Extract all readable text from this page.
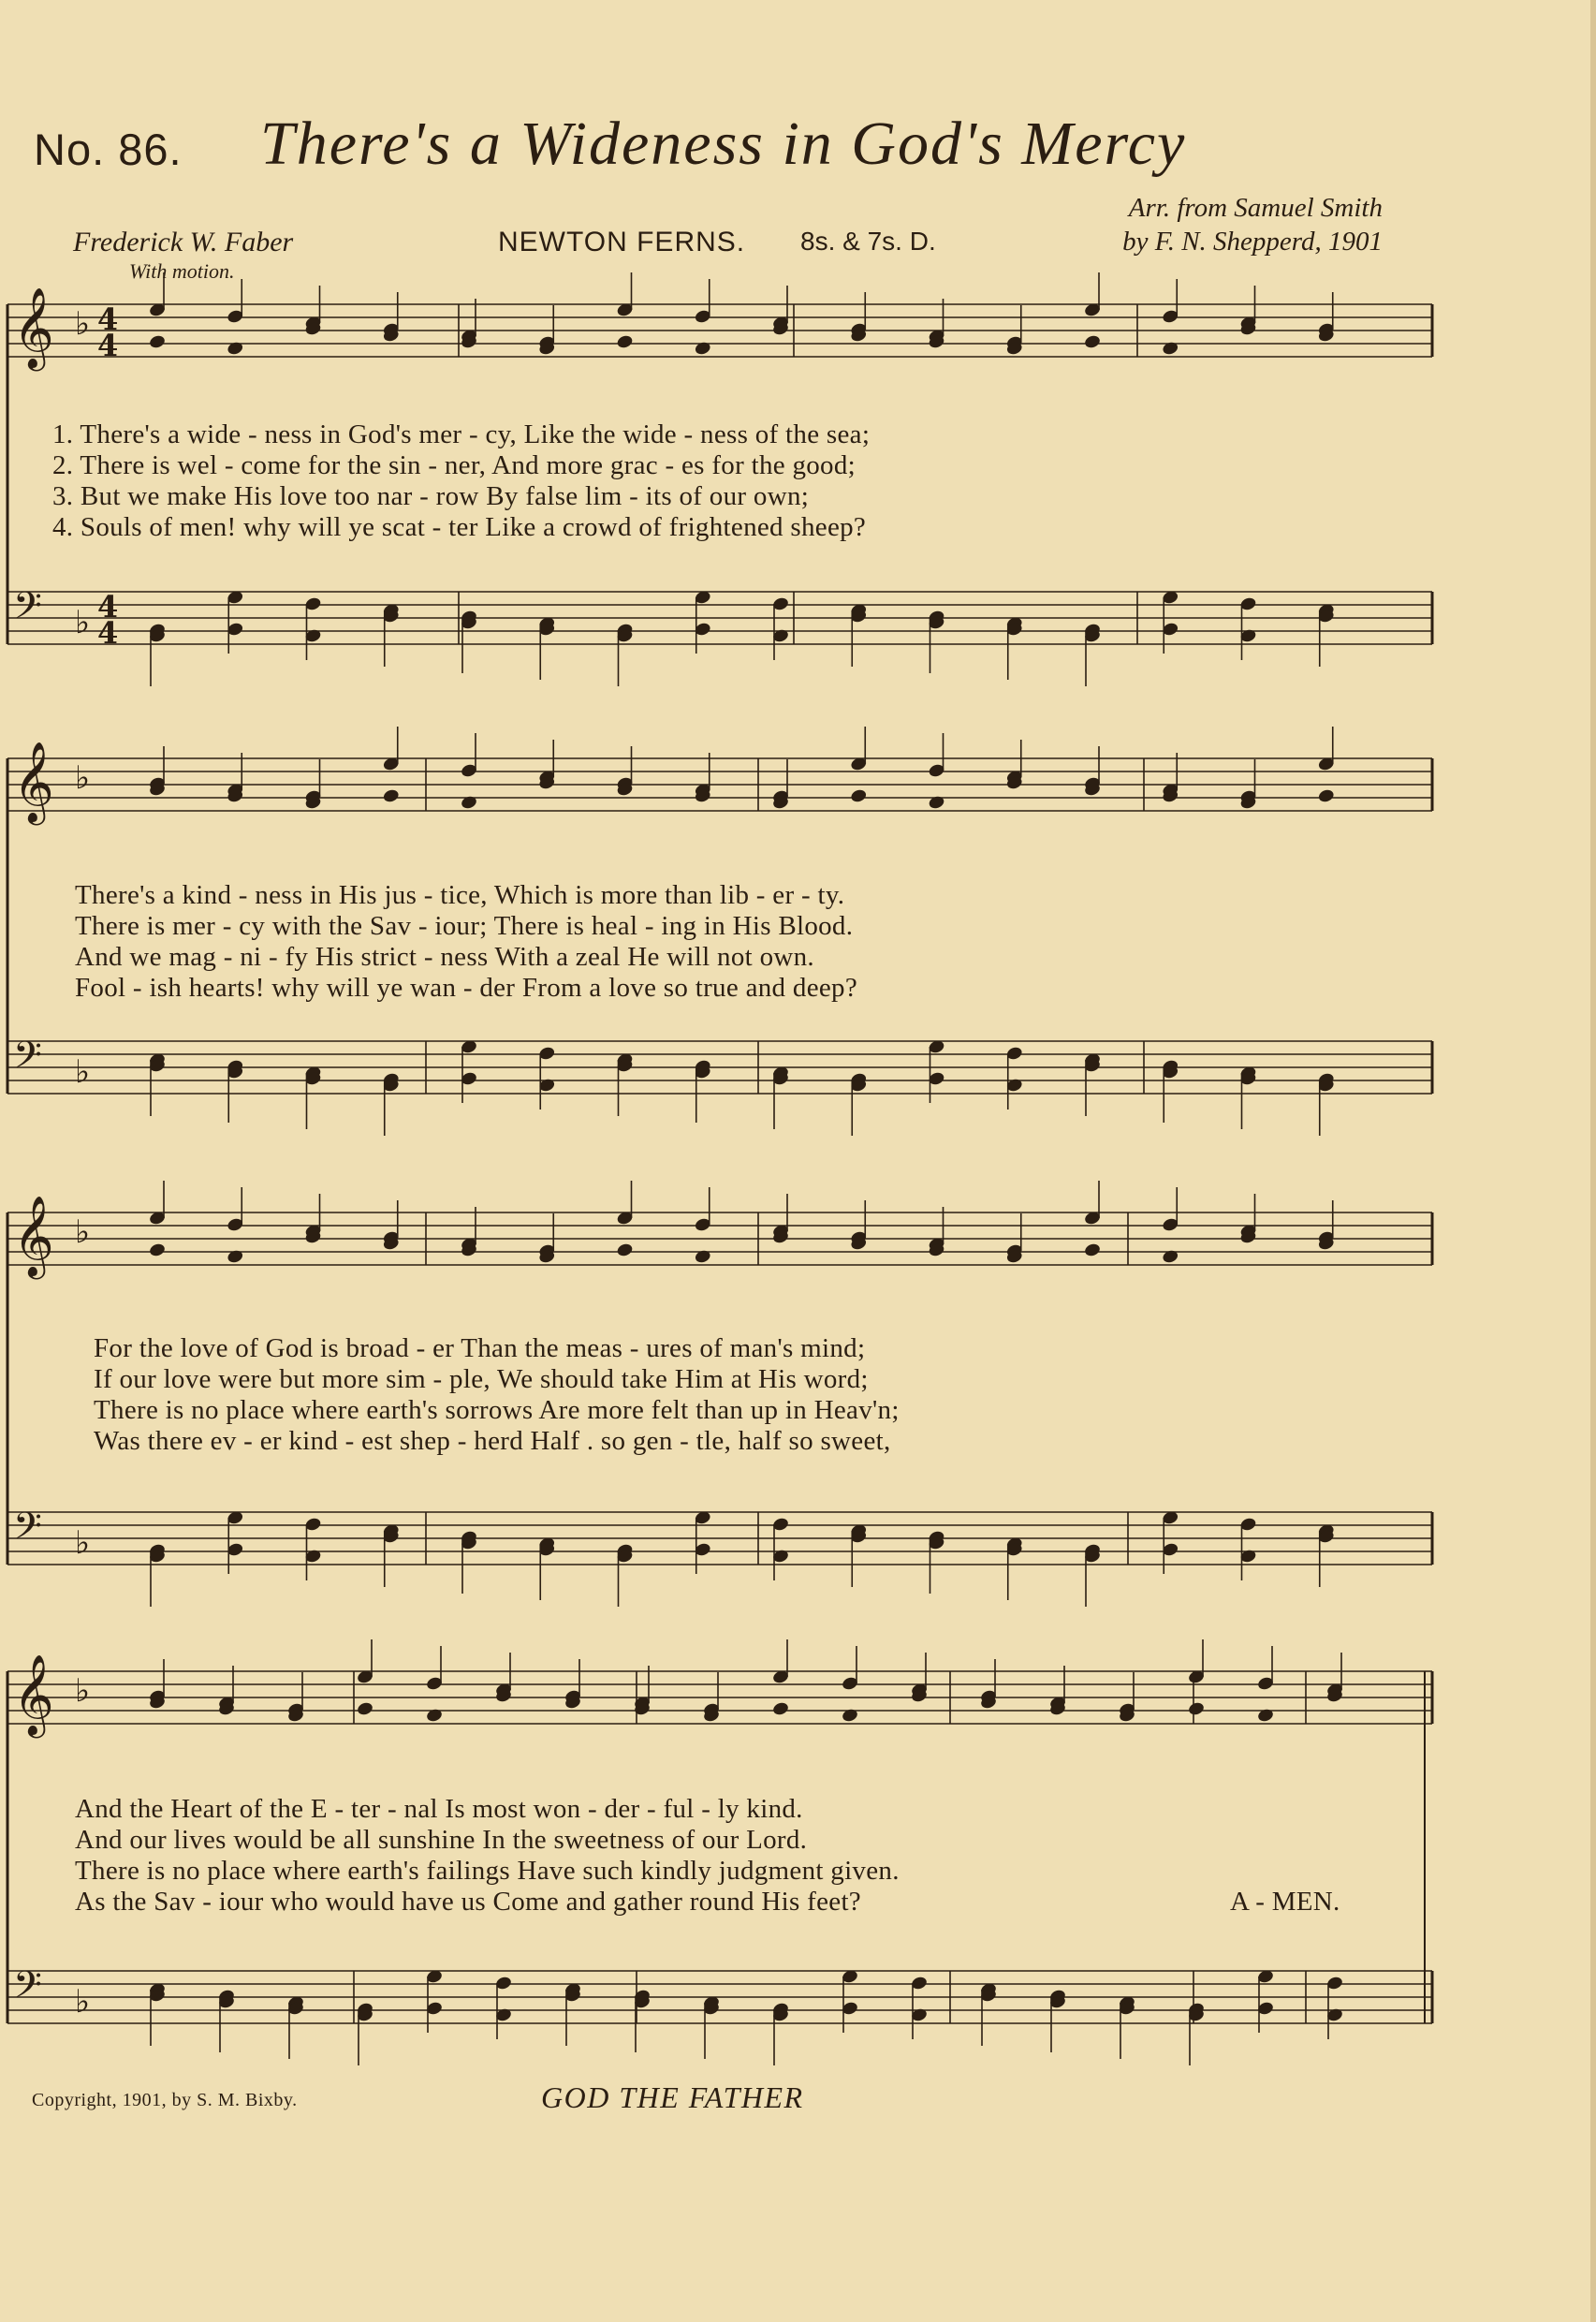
No. 86. There's a Wideness in God's Mercy
Frederick W. Faber
With motion.
NEWTON FERNS. 8s. & 7s. D.
Arr. from Samuel Smith
by F. N. Shepperd, 1901
𝄞 ♭ 4
4
𝄢 ♭ 4
4
𝄞 ♭
𝄢 ♭
𝄞 ♭
𝄢 ♭
𝄞 ♭
𝄢 ♭
Copyright, 1901, by S. M. Bixby.	GOD THE FATHER
1. There's a wide - ness in God's mer - cy, Like the wide - ness of the sea;
2. There is wel - come for the sin - ner, And more grac - es for the good;
3. But we make His love too nar - row By false lim - its of our own;
4. Souls of men! why will ye scat - ter Like a crowd of frightened sheep?
There's a kind - ness in His jus - tice, Which is more than lib - er - ty.
There is mer - cy with the Sav - iour; There is heal - ing in His Blood.
And we mag - ni - fy His strict - ness With a zeal He will not own.
Fool - ish hearts! why will ye wan - der From a love so true and deep?
For the love of God is broad - er Than the meas - ures of man's mind;
If our love were but more sim - ple, We should take Him at His word;
There is no place where earth's sorrows Are more felt than up in Heav'n;
Was there ev - er kind - est shep - herd Half . so gen - tle, half so sweet,
And the Heart of the E - ter - nal Is most won - der - ful - ly kind.
And our lives would be all sunshine In the sweetness of our Lord.
There is no place where earth's failings Have such kindly judgment given.
As the Sav - iour who would have us Come and gather round His feet?	A - MEN.
